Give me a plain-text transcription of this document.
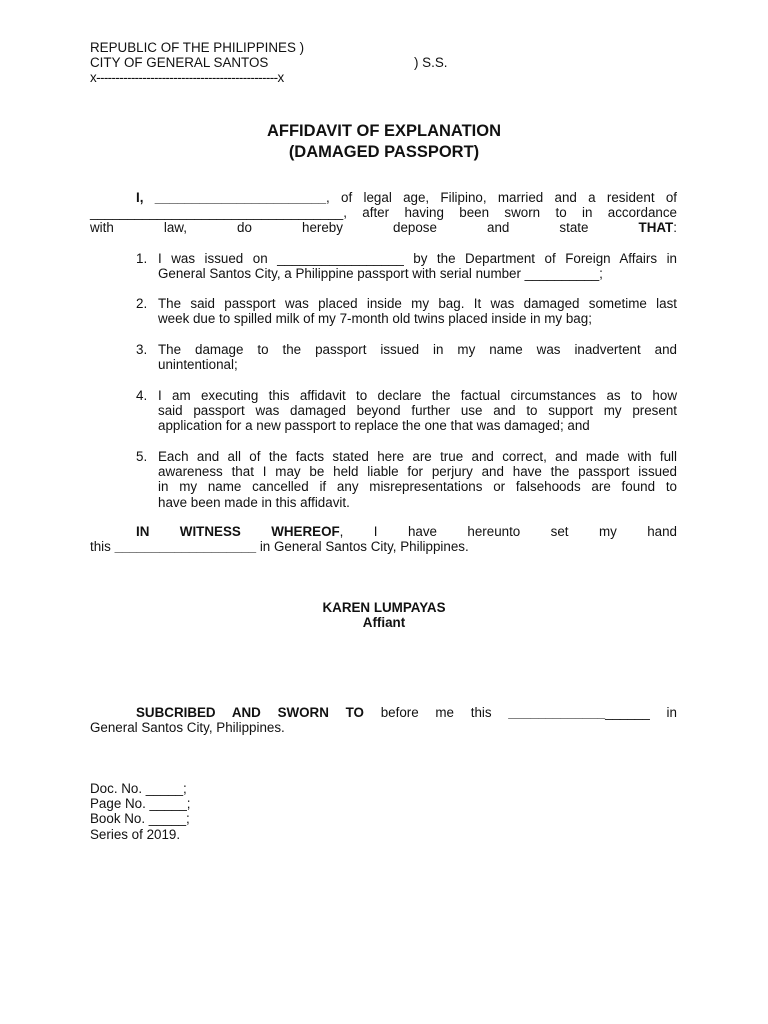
REPUBLIC OF THE PHILIPPINES )
CITY OF GENERAL SANTOS	) S.S.
x-----------------------------------------------x
AFFIDAVIT OF EXPLANATION
(DAMAGED PASSPORT)
I, _______________________, of legal age, Filipino, married and a resident of
__________________________________, after having been sworn to in accordance
with law, do hereby depose and state	THAT:
1. I was issued on _________________ by the Department of Foreign Affairs in
General Santos City, a Philippine passport with serial number __________;
2. The said passport was placed inside my bag. It was damaged sometime last
week due to spilled milk of my 7-month old twins placed inside in my bag;
3. The damage to the passport issued in my name was inadvertent and
unintentional;
4. I am executing this affidavit to declare the factual circumstances as to how
said passport was damaged beyond further use and to support my present
application for a new passport to replace the one that was damaged; and
5. Each and all of the facts stated here are true and correct, and made with full
awareness that I may be held liable for perjury and have the passport issued
in my name cancelled if any misrepresentations or falsehoods are found to
have been made in this affidavit.
IN WITNESS WHEREOF, I have hereunto set my hand
this ___________________ in General Santos City, Philippines.
KAREN LUMPAYAS
Affiant
SUBCRIBED AND SWORN TO before me this ___________________ in
General Santos City, Philippines.
Doc. No. _____;
Page No. _____;
Book No. _____;
Series of 2019.
